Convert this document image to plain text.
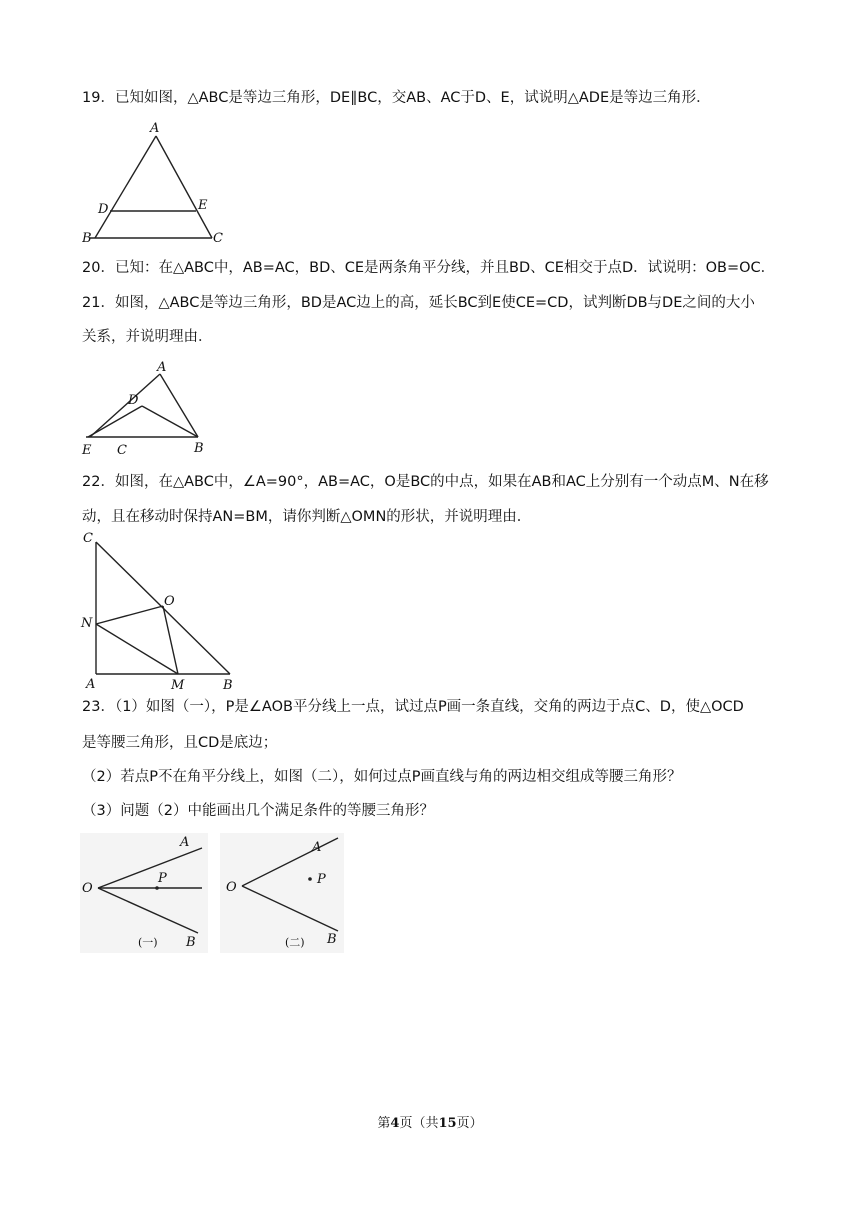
19．已知如图，△ABC是等边三角形，DE∥BC，交AB、AC于D、E，试说明△ADE是等边三角形．
A
D	E
B	C
20．已知：在△ABC中，AB=AC，BD、CE是两条角平分线，并且BD、CE相交于点D．试说明：OB=OC．
21．如图，△ABC是等边三角形，BD是AC边上的高，延长BC到E使CE=CD，试判断DB与DE之间的大小
关系，并说明理由．
A
D
E C	B
22．如图，在△ABC中，∠A=90°，AB=AC，O是BC的中点，如果在AB和AC上分别有一个动点M、N在移
动，且在移动时保持AN=BM，请你判断△OMN的形状，并说明理由．
C
O
N
A	M	B
23．（1）如图（一），P是∠AOB平分线上一点，试过点P画一条直线，交角的两边于点C、D，使△OCD
是等腰三角形，且CD是底边；
（2）若点P不在角平分线上，如图（二），如何过点P画直线与角的两边相交组成等腰三角形？
（3）问题（2）中能画出几个满足条件的等腰三角形？
A
O
P
B
(一)
A
O
P
B
(二)
第4页（共15页）
